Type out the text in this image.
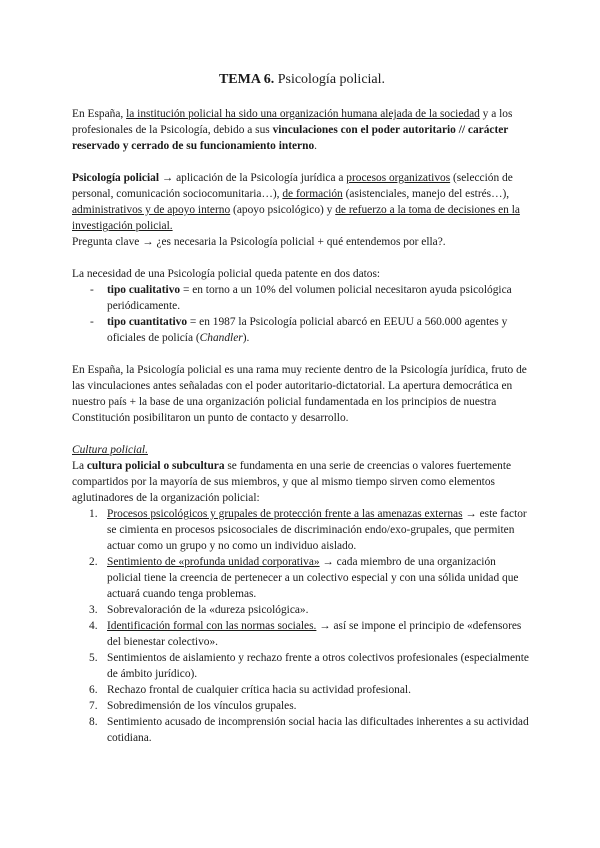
TEMA 6. Psicología policial.

En España, la institución policial ha sido una organización humana alejada de la sociedad y a los profesionales de la Psicología, debido a sus vinculaciones con el poder autoritario // carácter reservado y cerrado de su funcionamiento interno.

Psicología policial → aplicación de la Psicología jurídica a procesos organizativos (selección de personal, comunicación sociocomunitaria…), de formación (asistenciales, manejo del estrés…), administrativos y de apoyo interno (apoyo psicológico) y de refuerzo a la toma de decisiones en la investigación policial.

Pregunta clave → ¿es necesaria la Psicología policial + qué entendemos por ella?.

La necesidad de una Psicología policial queda patente en dos datos:

- tipo cualitativo = en torno a un 10% del volumen policial necesitaron ayuda psicológica periódicamente.
- tipo cuantitativo = en 1987 la Psicología policial abarcó en EEUU a 560.000 agentes y oficiales de policía (Chandler).

En España, la Psicología policial es una rama muy reciente dentro de la Psicología jurídica, fruto de las vinculaciones antes señaladas con el poder autoritario-dictatorial. La apertura democrática en nuestro país + la base de una organización policial fundamentada en los principios de nuestra Constitución posibilitaron un punto de contacto y desarrollo.

Cultura policial.

La cultura policial o subcultura se fundamenta en una serie de creencias o valores fuertemente compartidos por la mayoría de sus miembros, y que al mismo tiempo sirven como elementos aglutinadores de la organización policial:

1. Procesos psicológicos y grupales de protección frente a las amenazas externas → este factor se cimienta en procesos psicosociales de discriminación endo/exo-grupales, que permiten actuar como un grupo y no como un individuo aislado.
2. Sentimiento de «profunda unidad corporativa» → cada miembro de una organización policial tiene la creencia de pertenecer a un colectivo especial y con una sólida unidad que actuará cuando tenga problemas.
3. Sobrevaloración de la «dureza psicológica».
4. Identificación formal con las normas sociales. → así se impone el principio de «defensores del bienestar colectivo».
5. Sentimientos de aislamiento y rechazo frente a otros colectivos profesionales (especialmente de ámbito jurídico).
6. Rechazo frontal de cualquier crítica hacia su actividad profesional.
7. Sobredimensión de los vínculos grupales.
8. Sentimiento acusado de incomprensión social hacia las dificultades inherentes a su actividad cotidiana.
